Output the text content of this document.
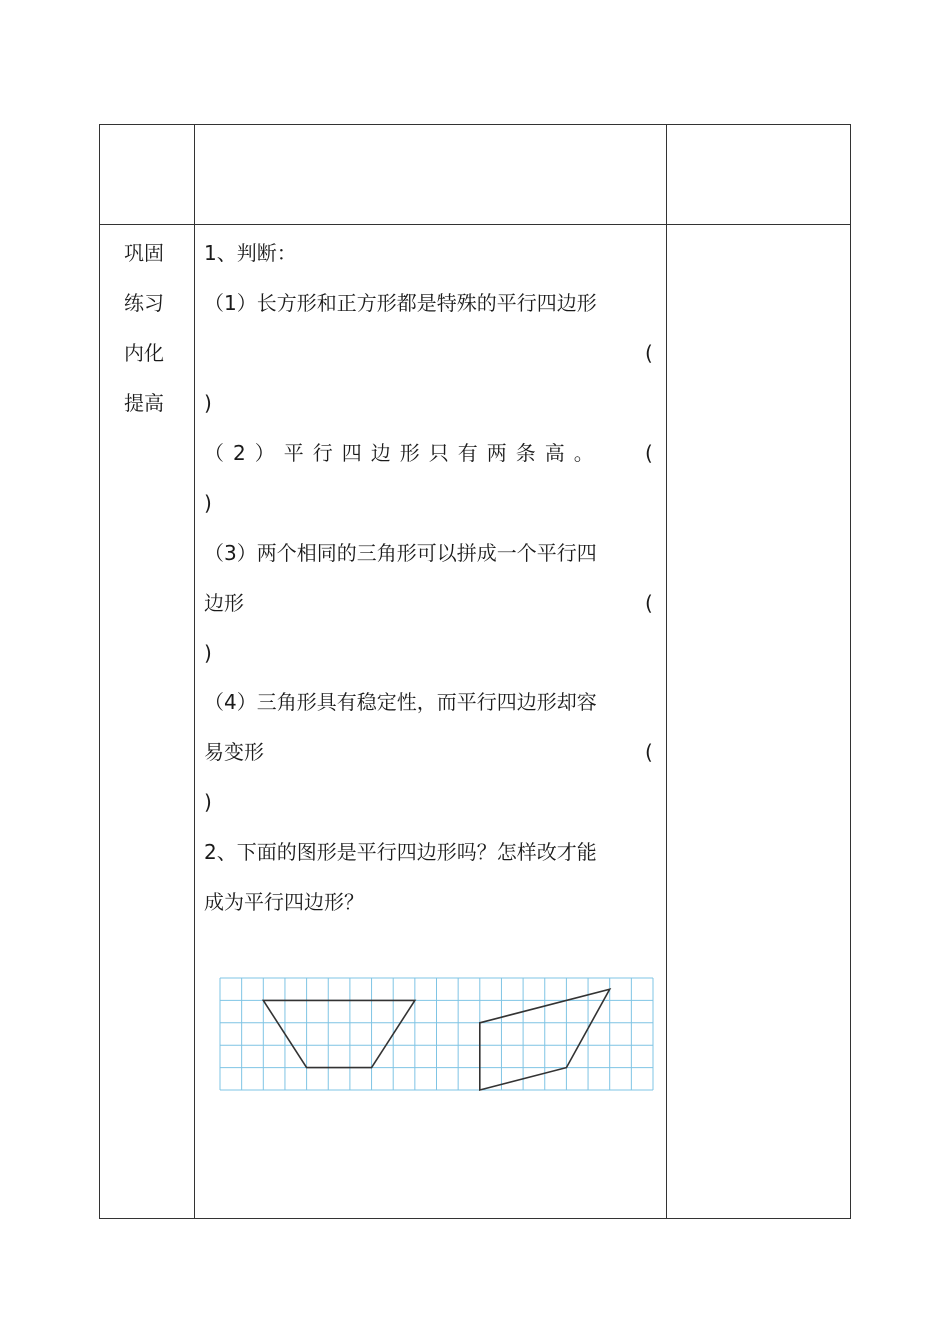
巩固
练习
内化
提高
1、判断：
（1）长方形和正方形都是特殊的平行四边形
(
)
（2）平行四边形只有两条高。 (
)
（3）两个相同的三角形可以拼成一个平行四
边形	(
)
（4）三角形具有稳定性，而平行四边形却容
易变形	(
)
2、下面的图形是平行四边形吗？怎样改才能
成为平行四边形？
